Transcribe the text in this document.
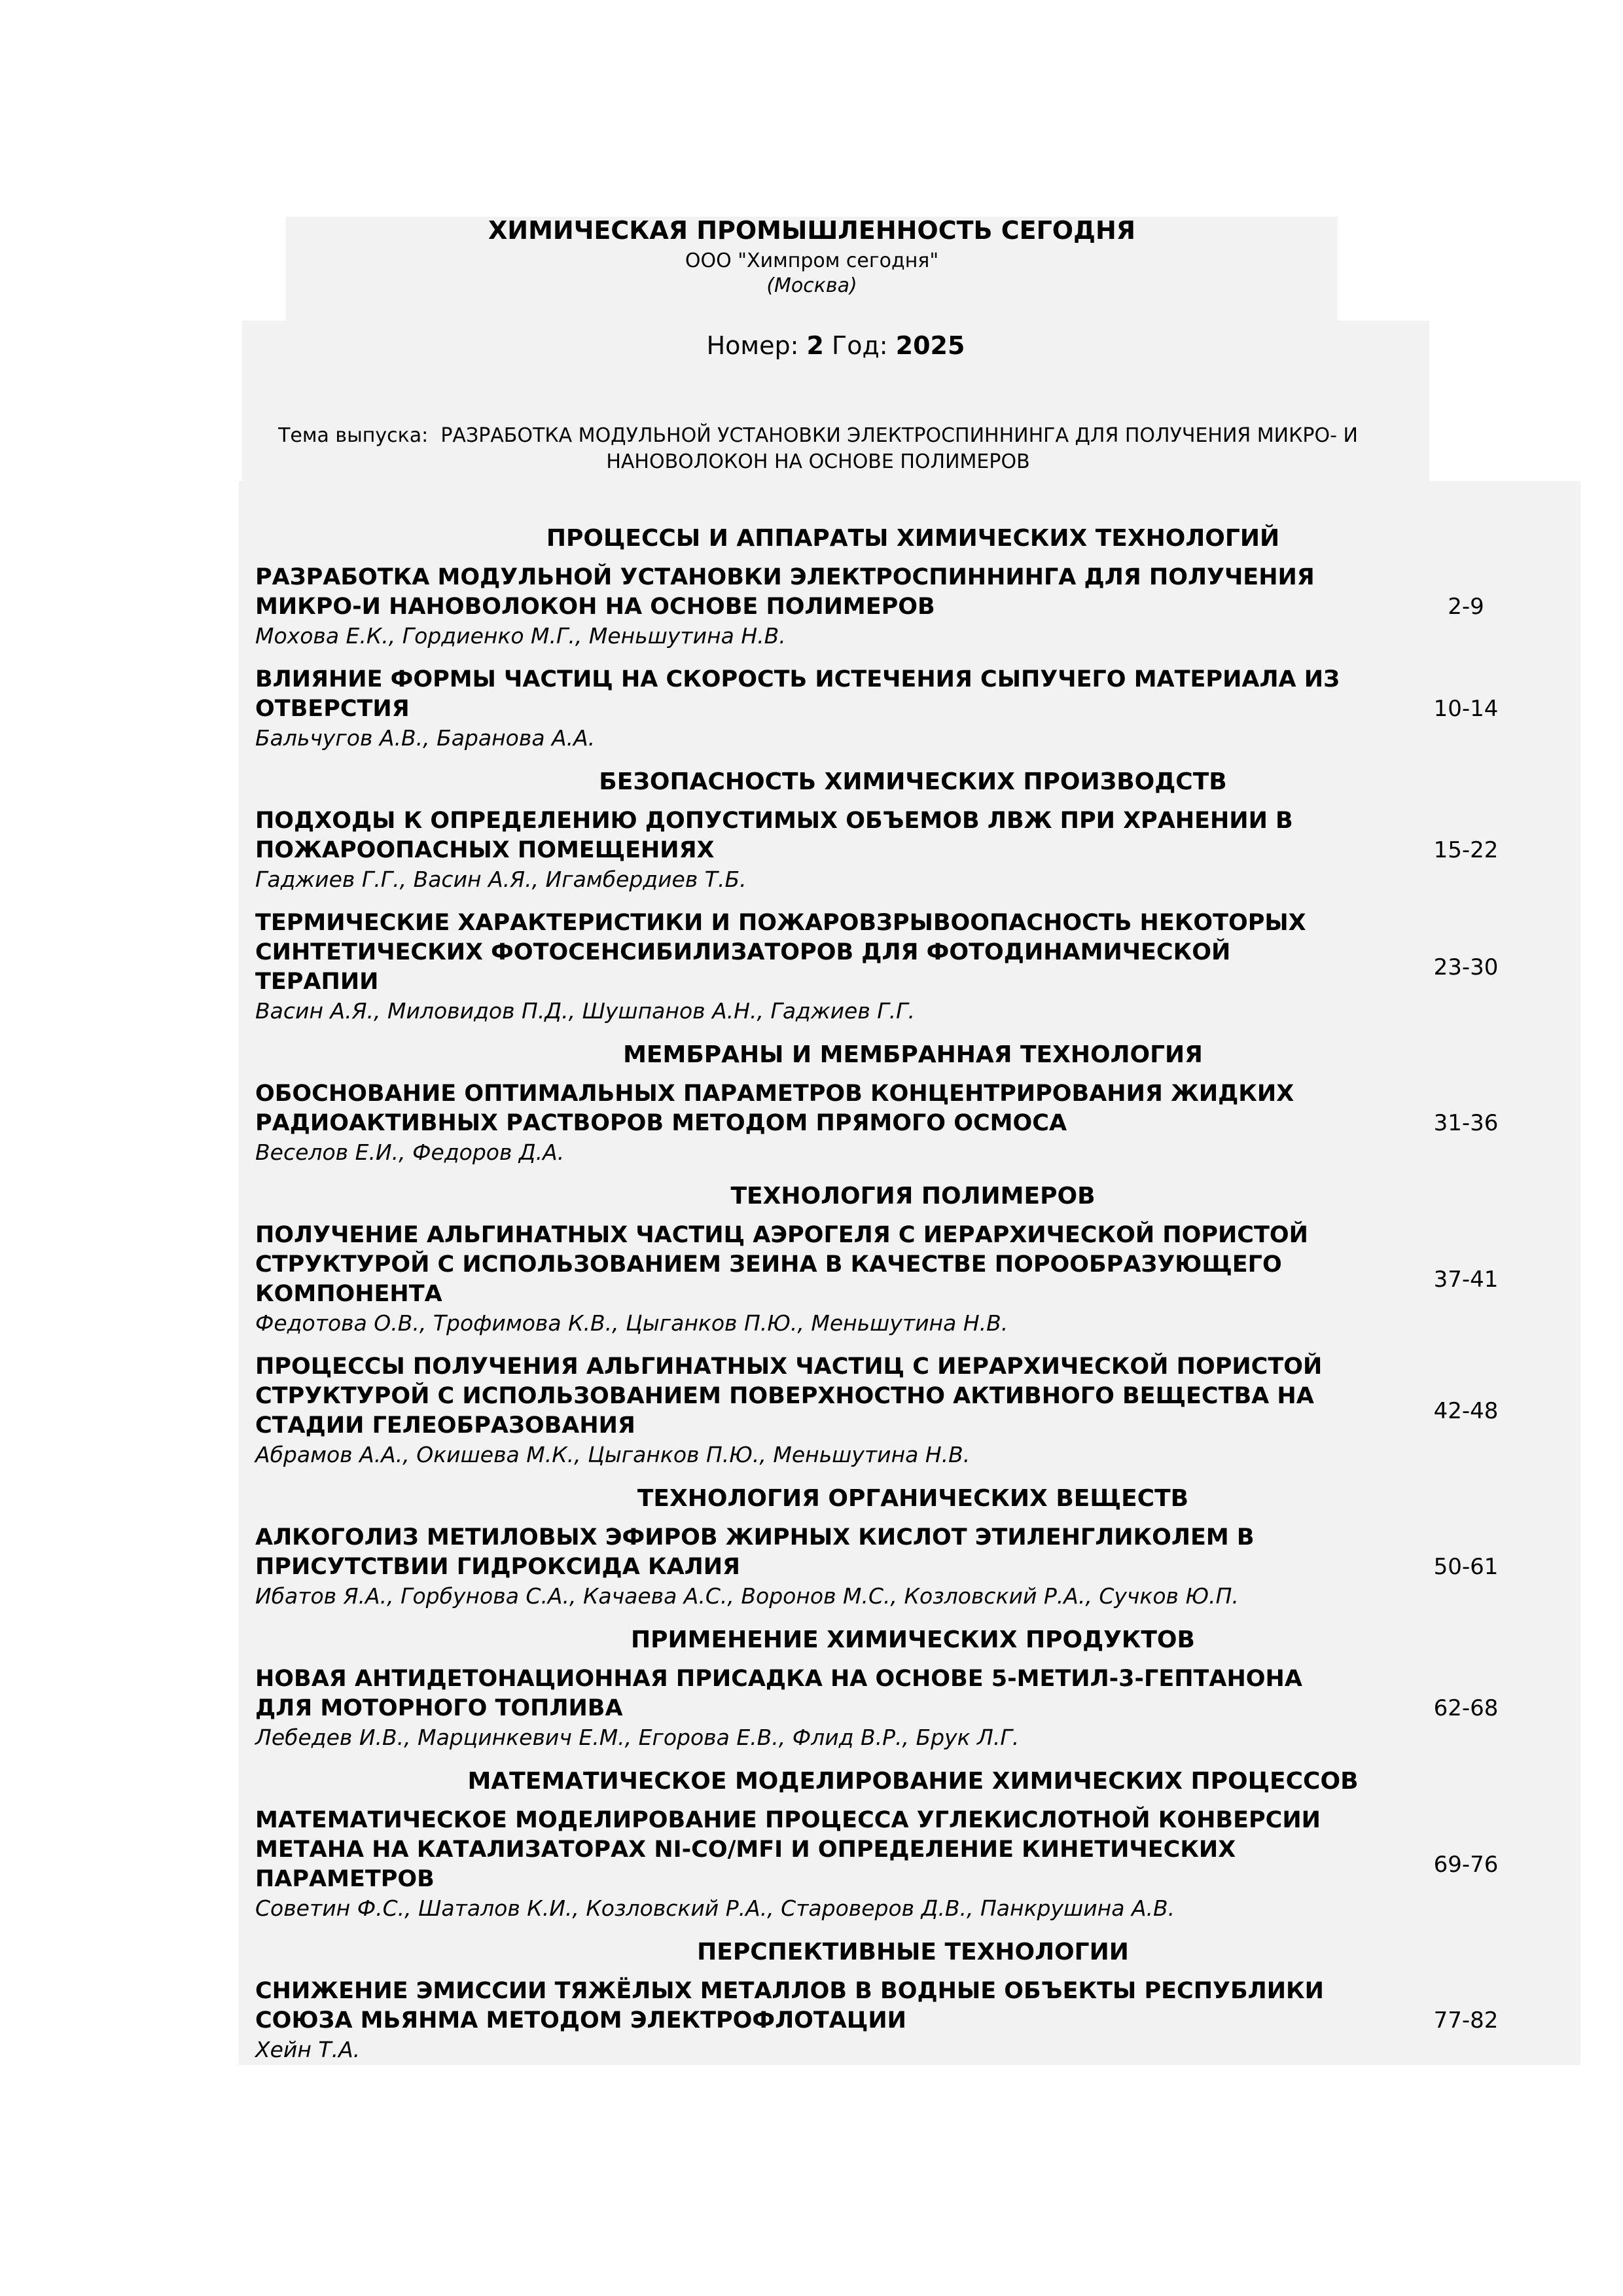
ХИМИЧЕСКАЯ ПРОМЫШЛЕННОСТЬ СЕГОДНЯ

ООО "Химпром сегодня"

(Москва)

Номер: 2 Год: 2025
Тема выпуска: РАЗРАБОТКА МОДУЛЬНОЙ УСТАНОВКИ ЭЛЕКТРОСПИННИНГА ДЛЯ ПОЛУЧЕНИЯ МИКРО- И НАНОВОЛОКОН НА ОСНОВЕ ПОЛИМЕРОВ
ПРОЦЕССЫ И АППАРАТЫ ХИМИЧЕСКИХ ТЕХНОЛОГИЙ

РАЗРАБОТКА МОДУЛЬНОЙ УСТАНОВКИ ЭЛЕКТРОСПИННИНГА ДЛЯ ПОЛУЧЕНИЯ МИКРО-И НАНОВОЛОКОН НА ОСНОВЕ ПОЛИМЕРОВ

Мохова Е.К., Гордиенко М.Г., Меньшутина Н.В.

2-9

ВЛИЯНИЕ ФОРМЫ ЧАСТИЦ НА СКОРОСТЬ ИСТЕЧЕНИЯ СЫПУЧЕГО МАТЕРИАЛА ИЗ ОТВЕРСТИЯ

Бальчугов А.В., Баранова А.А.

10-14
БЕЗОПАСНОСТЬ ХИМИЧЕСКИХ ПРОИЗВОДСТВ

ПОДХОДЫ К ОПРЕДЕЛЕНИЮ ДОПУСТИМЫХ ОБЪЕМОВ ЛВЖ ПРИ ХРАНЕНИИ В ПОЖАРООПАСНЫХ ПОМЕЩЕНИЯХ

Гаджиев Г.Г., Васин А.Я., Игамбердиев Т.Б.

15-22

ТЕРМИЧЕСКИЕ ХАРАКТЕРИСТИКИ И ПОЖАРОВЗРЫВООПАСНОСТЬ НЕКОТОРЫХ СИНТЕТИЧЕСКИХ ФОТОСЕНСИБИЛИЗАТОРОВ ДЛЯ ФОТОДИНАМИЧЕСКОЙ ТЕРАПИИ

Васин А.Я., Миловидов П.Д., Шушпанов А.Н., Гаджиев Г.Г.

23-30
МЕМБРАНЫ И МЕМБРАННАЯ ТЕХНОЛОГИЯ

ОБОСНОВАНИЕ ОПТИМАЛЬНЫХ ПАРАМЕТРОВ КОНЦЕНТРИРОВАНИЯ ЖИДКИХ РАДИОАКТИВНЫХ РАСТВОРОВ МЕТОДОМ ПРЯМОГО ОСМОСА

Веселов Е.И., Федоров Д.А.

31-36
ТЕХНОЛОГИЯ ПОЛИМЕРОВ

ПОЛУЧЕНИЕ АЛЬГИНАТНЫХ ЧАСТИЦ АЭРОГЕЛЯ С ИЕРАРХИЧЕСКОЙ ПОРИСТОЙ СТРУКТУРОЙ С ИСПОЛЬЗОВАНИЕМ ЗЕИНА В КАЧЕСТВЕ ПОРООБРАЗУЮЩЕГО КОМПОНЕНТА

Федотова О.В., Трофимова К.В., Цыганков П.Ю., Меньшутина Н.В.

37-41

ПРОЦЕССЫ ПОЛУЧЕНИЯ АЛЬГИНАТНЫХ ЧАСТИЦ С ИЕРАРХИЧЕСКОЙ ПОРИСТОЙ СТРУКТУРОЙ С ИСПОЛЬЗОВАНИЕМ ПОВЕРХНОСТНО АКТИВНОГО ВЕЩЕСТВА НА СТАДИИ ГЕЛЕОБРАЗОВАНИЯ

Абрамов А.А., Окишева М.К., Цыганков П.Ю., Меньшутина Н.В.

42-48
ТЕХНОЛОГИЯ ОРГАНИЧЕСКИХ ВЕЩЕСТВ

АЛКОГОЛИЗ МЕТИЛОВЫХ ЭФИРОВ ЖИРНЫХ КИСЛОТ ЭТИЛЕНГЛИКОЛЕМ В ПРИСУТСТВИИ ГИДРОКСИДА КАЛИЯ

Ибатов Я.А., Горбунова С.А., Качаева А.С., Воронов М.С., Козловский Р.А., Сучков Ю.П.

50-61
ПРИМЕНЕНИЕ ХИМИЧЕСКИХ ПРОДУКТОВ

НОВАЯ АНТИДЕТОНАЦИОННАЯ ПРИСАДКА НА ОСНОВЕ 5-МЕТИЛ-3-ГЕПТАНОНА ДЛЯ МОТОРНОГО ТОПЛИВА

Лебедев И.В., Марцинкевич Е.М., Егорова Е.В., Флид В.Р., Брук Л.Г.

62-68
МАТЕМАТИЧЕСКОЕ МОДЕЛИРОВАНИЕ ХИМИЧЕСКИХ ПРОЦЕССОВ

МАТЕМАТИЧЕСКОЕ МОДЕЛИРОВАНИЕ ПРОЦЕССА УГЛЕКИСЛОТНОЙ КОНВЕРСИИ МЕТАНА НА КАТАЛИЗАТОРАХ NI-CO/MFI И ОПРЕДЕЛЕНИЕ КИНЕТИЧЕСКИХ ПАРАМЕТРОВ

Советин Ф.С., Шаталов К.И., Козловский Р.А., Староверов Д.В., Панкрушина А.В.

69-76
ПЕРСПЕКТИВНЫЕ ТЕХНОЛОГИИ

СНИЖЕНИЕ ЭМИССИИ ТЯЖЁЛЫХ МЕТАЛЛОВ В ВОДНЫЕ ОБЪЕКТЫ РЕСПУБЛИКИ СОЮЗА МЬЯНМА МЕТОДОМ ЭЛЕКТРОФЛОТАЦИИ

Хейн Т.А.

77-82
